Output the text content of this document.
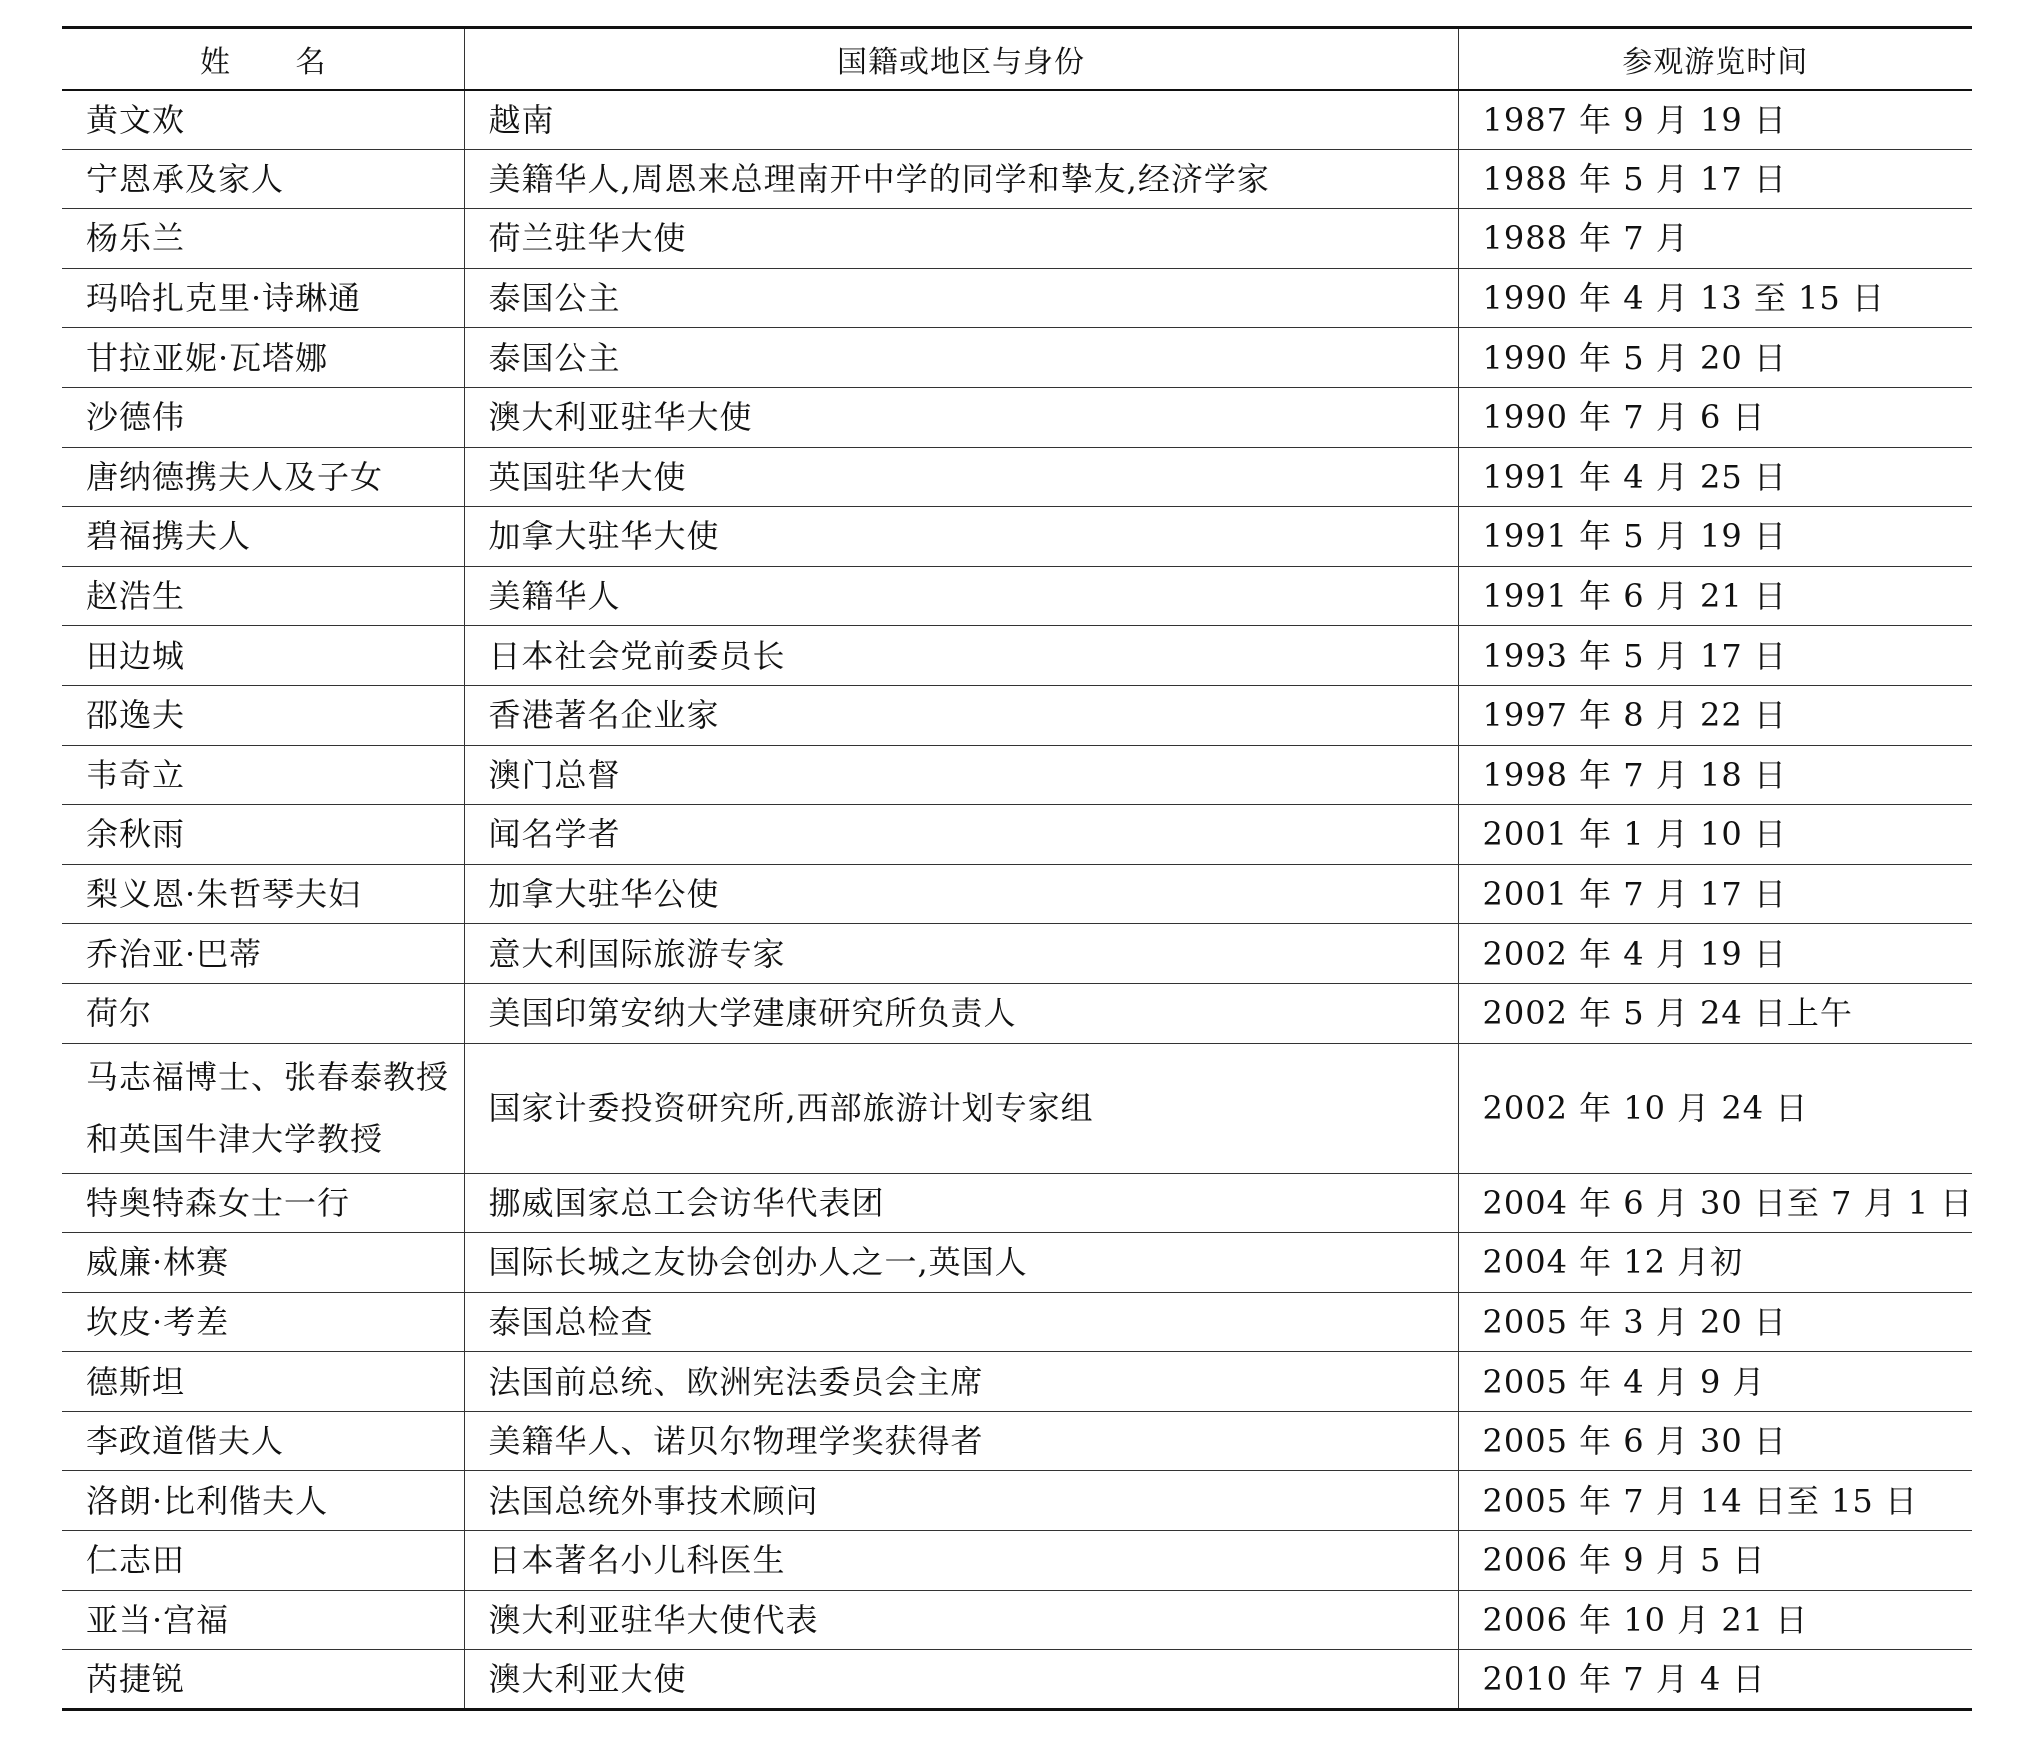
姓 名	国籍或地区与身份	参观游览时间
黄文欢	越南	1987 年 9 月 19 日
宁恩承及家人	美籍华人,周恩来总理南开中学的同学和挚友,经济学家	1988 年 5 月 17 日
杨乐兰	荷兰驻华大使	1988 年 7 月
玛哈扎克里·诗琳通	泰国公主	1990 年 4 月 13 至 15 日
甘拉亚妮·瓦塔娜	泰国公主	1990 年 5 月 20 日
沙德伟	澳大利亚驻华大使	1990 年 7 月 6 日
唐纳德携夫人及子女	英国驻华大使	1991 年 4 月 25 日
碧福携夫人	加拿大驻华大使	1991 年 5 月 19 日
赵浩生	美籍华人	1991 年 6 月 21 日
田边城	日本社会党前委员长	1993 年 5 月 17 日
邵逸夫	香港著名企业家	1997 年 8 月 22 日
韦奇立	澳门总督	1998 年 7 月 18 日
余秋雨	闻名学者	2001 年 1 月 10 日
梨义恩·朱哲琴夫妇	加拿大驻华公使	2001 年 7 月 17 日
乔治亚·巴蒂	意大利国际旅游专家	2002 年 4 月 19 日
荷尔	美国印第安纳大学建康研究所负责人	2002 年 5 月 24 日上午
马志福博士、张春泰教授和英国牛津大学教授	国家计委投资研究所,西部旅游计划专家组	2002 年 10 月 24 日
特奥特森女士一行	挪威国家总工会访华代表团	2004 年 6 月 30 日至 7 月 1 日
威廉·林赛	国际长城之友协会创办人之一,英国人	2004 年 12 月初
坎皮·考差	泰国总检查	2005 年 3 月 20 日
德斯坦	法国前总统、欧洲宪法委员会主席	2005 年 4 月 9 月
李政道偕夫人	美籍华人、诺贝尔物理学奖获得者	2005 年 6 月 30 日
洛朗·比利偕夫人	法国总统外事技术顾问	2005 年 7 月 14 日至 15 日
仁志田	日本著名小儿科医生	2006 年 9 月 5 日
亚当·宫福	澳大利亚驻华大使代表	2006 年 10 月 21 日
芮捷锐	澳大利亚大使	2010 年 7 月 4 日
